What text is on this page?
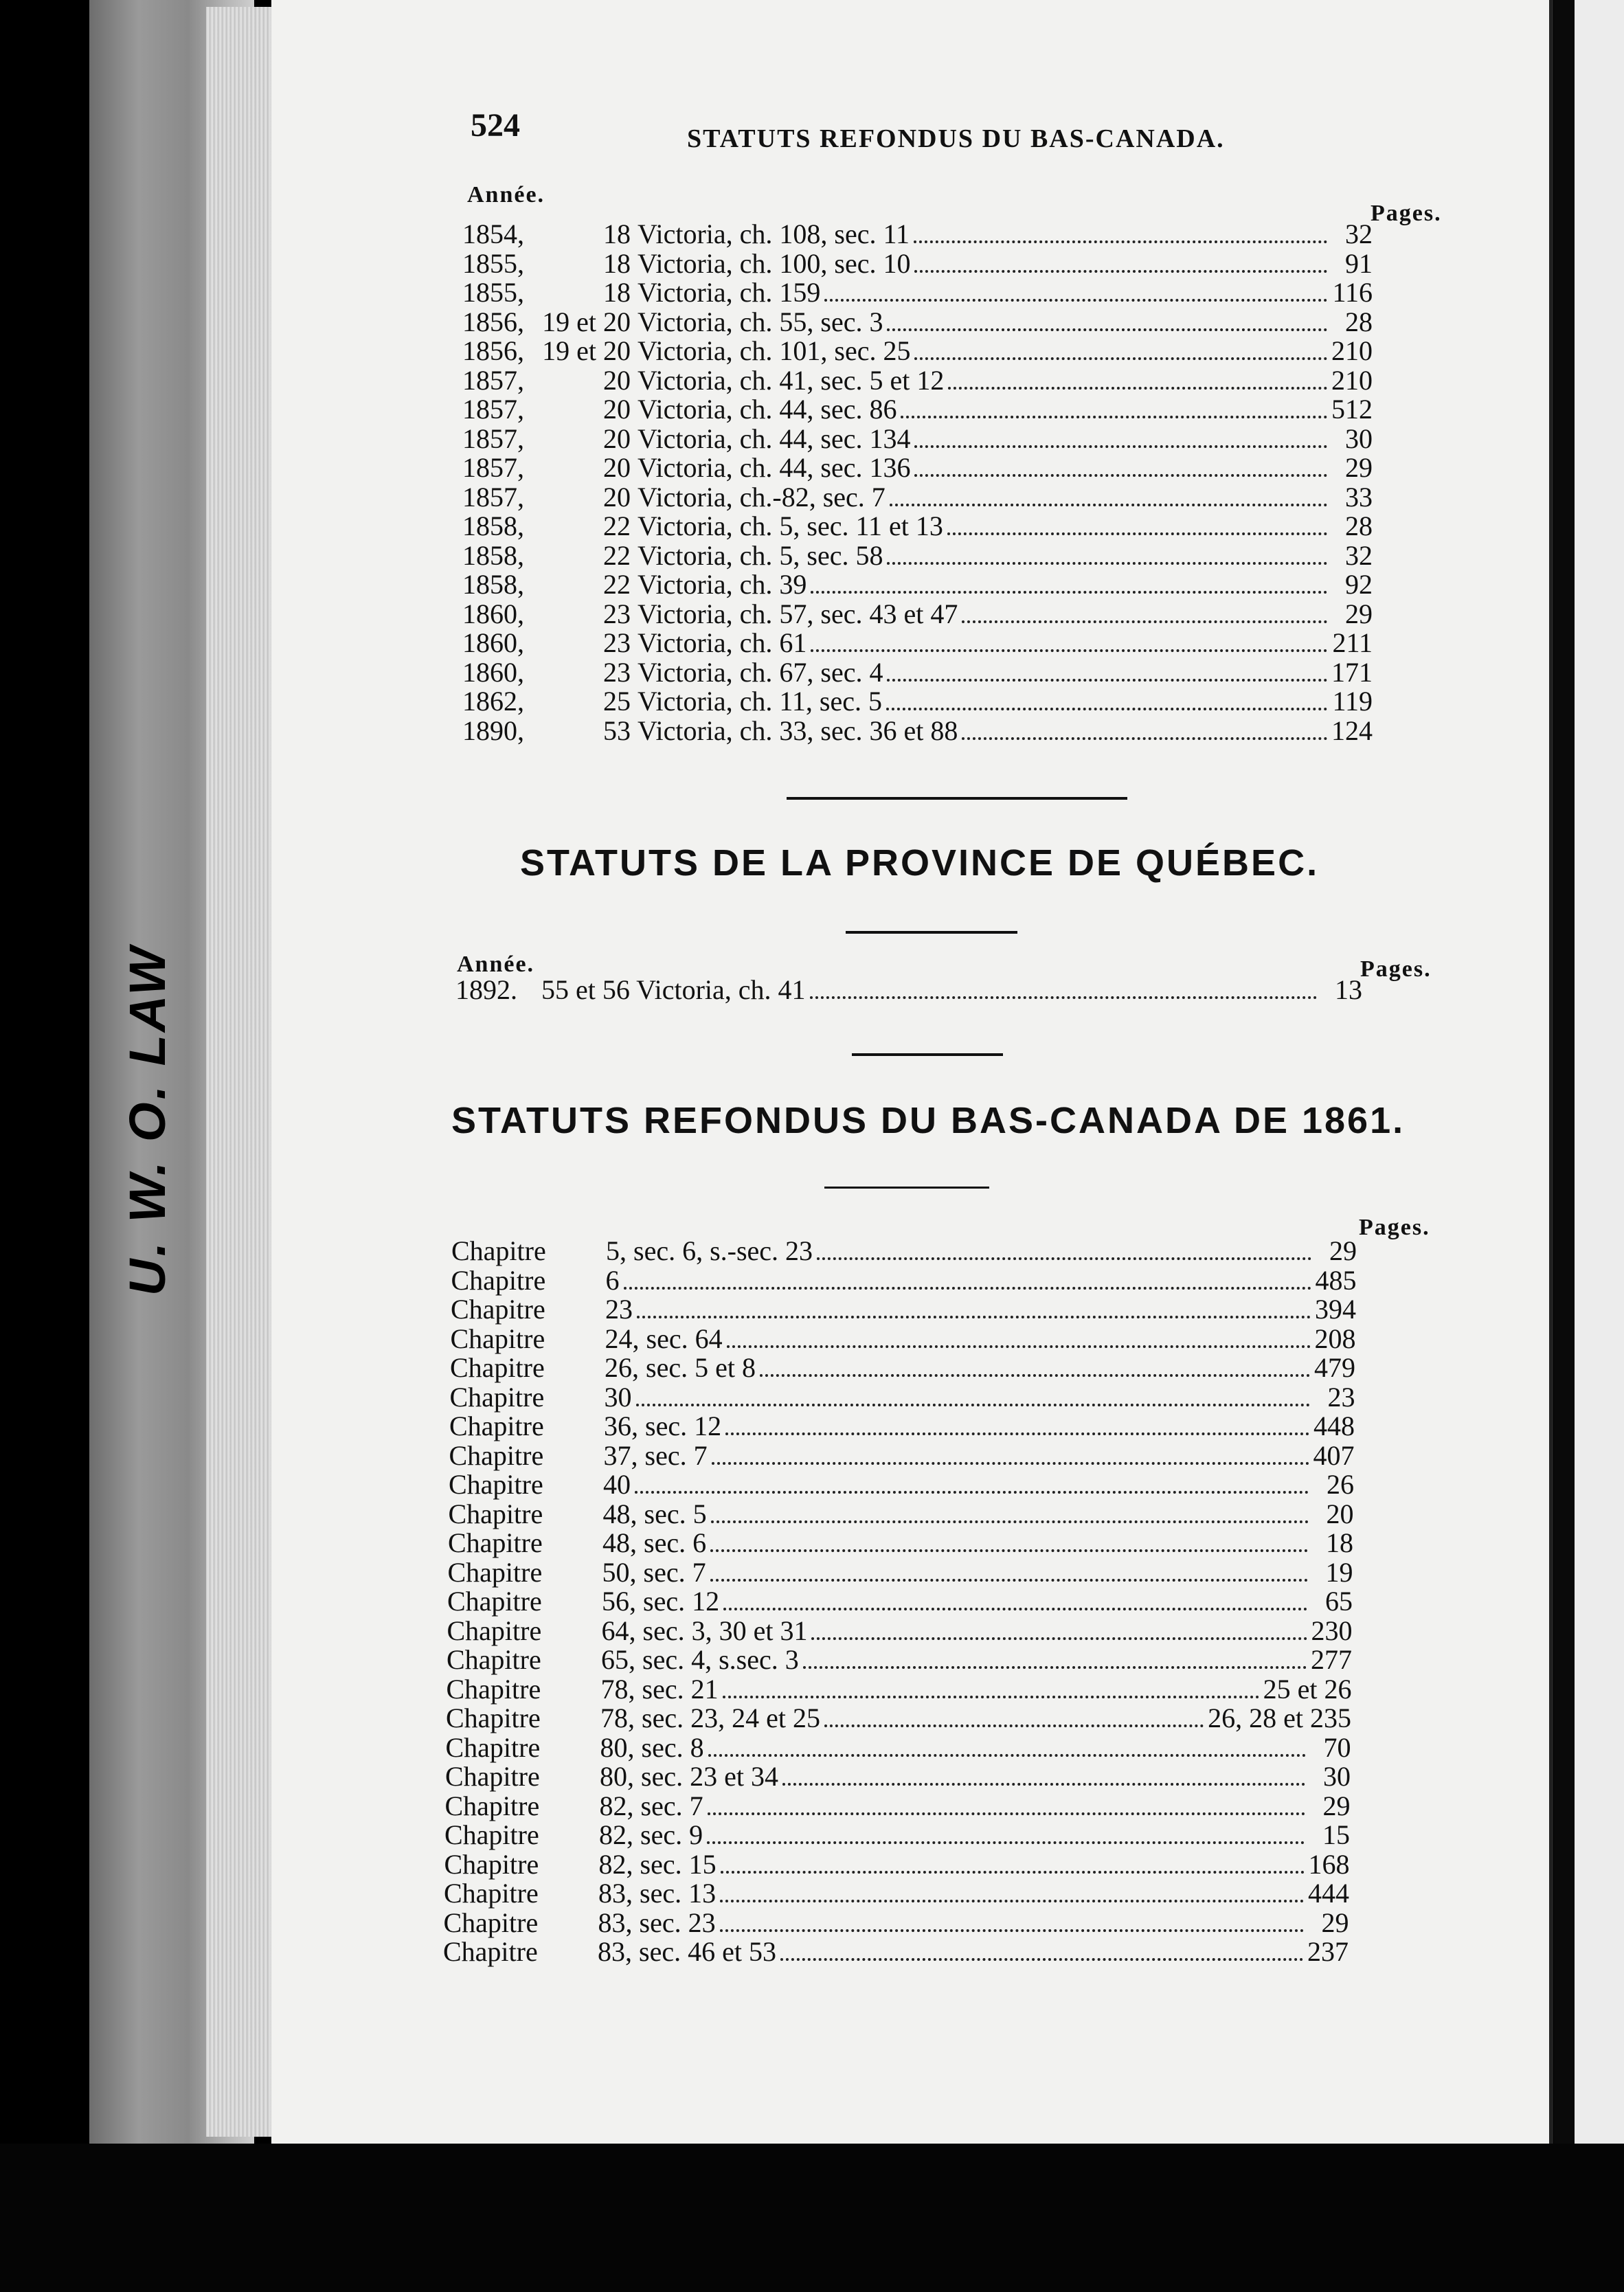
U. W. O. LAW
524	STATUTS REFONDUS DU BAS-CANADA.
Année.
Pages.
1854,	18 Victoria, ch. 108, sec. 11	32
1855,	18 Victoria, ch. 100, sec. 10	91
1855,	18 Victoria, ch. 159	116
1856, 19 et 20 Victoria, ch. 55, sec. 3	28
1856, 19 et 20 Victoria, ch. 101, sec. 25	210
1857,	20 Victoria, ch. 41, sec. 5 et 12	210
1857,	20 Victoria, ch. 44, sec. 86	512
1857,	20 Victoria, ch. 44, sec. 134	30
1857,	20 Victoria, ch. 44, sec. 136	29
1857,	20 Victoria, ch.-82, sec. 7	33
1858,	22 Victoria, ch. 5, sec. 11 et 13	28
1858,	22 Victoria, ch. 5, sec. 58	32
1858,	22 Victoria, ch. 39	92
1860,	23 Victoria, ch. 57, sec. 43 et 47	29
1860,	23 Victoria, ch. 61	211
1860,	23 Victoria, ch. 67, sec. 4	171
1862,	25 Victoria, ch. 11, sec. 5	119
1890,	53 Victoria, ch. 33, sec. 36 et 88	124
STATUTS DE LA PROVINCE DE QUÉBEC.
Année.	Pages.
1892. 55 et 56 Victoria, ch. 41	13
STATUTS REFONDUS DU BAS-CANADA DE 1861.
Pages.
Chapitre	5, sec. 6, s.-sec. 23	29
Chapitre	6	485
Chapitre	23	394
Chapitre	24, sec. 64	208
Chapitre	26, sec. 5 et 8	479
Chapitre	30	23
Chapitre	36, sec. 12	448
Chapitre	37, sec. 7	407
Chapitre	40	26
Chapitre	48, sec. 5	20
Chapitre	48, sec. 6	18
Chapitre	50, sec. 7	19
Chapitre	56, sec. 12	65
Chapitre	64, sec. 3, 30 et 31	230
Chapitre	65, sec. 4, s.sec. 3	277
Chapitre	78, sec. 21	25 et 26
Chapitre	78, sec. 23, 24 et 25	26, 28 et 235
Chapitre	80, sec. 8	70
Chapitre	80, sec. 23 et 34	30
Chapitre	82, sec. 7	29
Chapitre	82, sec. 9	15
Chapitre	82, sec. 15	168
Chapitre	83, sec. 13	444
Chapitre	83, sec. 23	29
Chapitre	83, sec. 46 et 53	237
